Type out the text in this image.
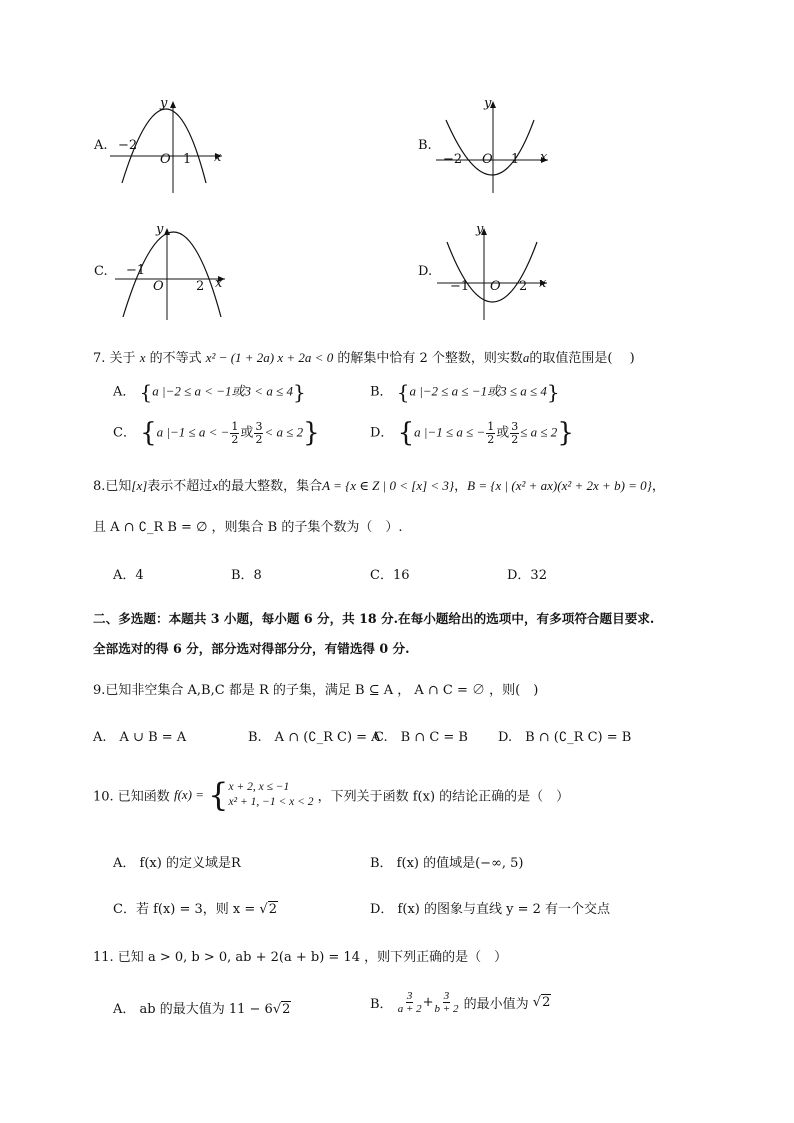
A.
y
−2
O 1 x
B.
y
−2 O 1 x
C.
y
−1
O 2 x
D.
y
−1 O 2 x
7. 关于 x 的不等式 x² − (1 + 2a) x + 2a < 0 的解集中恰有 2 个整数，则实数a的取值范围是(　 )
A． {a |−2 ≤ a < −1或3 < a ≤ 4}	B． {a |−2 ≤ a ≤ −1或3 ≤ a ≤ 4}
C． {a |−1 ≤ a < − $\frac{1}{2}$ 或 $\frac{3}{2} < a \le 2$}	D． {a |−1 ≤ a ≤ − $\frac{1}{2}$ 或 $\frac{3}{2} \le a \le 2$}
8.已知[x]表示不超过x的最大整数，集合A = {x ∈ Z | 0 < [x] < 3}，B = {x | (x² + ax)(x² + 2x + b) = 0}，
且 A ∩ ∁_R B = ∅ ，则集合 B 的子集个数为（　）.
A．4	B．8	C．16	D．32
二、多选题：本题共 3 小题，每小题 6 分，共 18 分.在每小题给出的选项中，有多项符合题目要求.
全部选对的得 6 分，部分选对得部分分，有错选得 0 分.
9.已知非空集合 A,B,C 都是 R 的子集，满足 B ⊆ A ， A ∩ C = ∅ ，则(　)
A.　A ∪ B = A	B.　A ∩ (∁_R C) = A
C.　B ∩ C = B D.　B ∩ (∁_R C) = B
10. 已知函数 f(x) = { x + 2, x ≤ −1
x² + 1, −1 < x < 2 ，下列关于函数 f(x) 的结论正确的是（　）
A． f(x) 的定义域是R	B． f(x) 的值域是(−∞, 5)
C．若 f(x) = 3，则 x = √2	D． f(x) 的图象与直线 y = 2 有一个交点
11. 已知 a > 0, b > 0, ab + 2(a + b) = 14 ，则下列正确的是（　）
A． ab 的最大值为 11 − 6√2	B． $\frac{3}{a + 2} + \frac{3}{b + 2}$ 的最小值为 √2
